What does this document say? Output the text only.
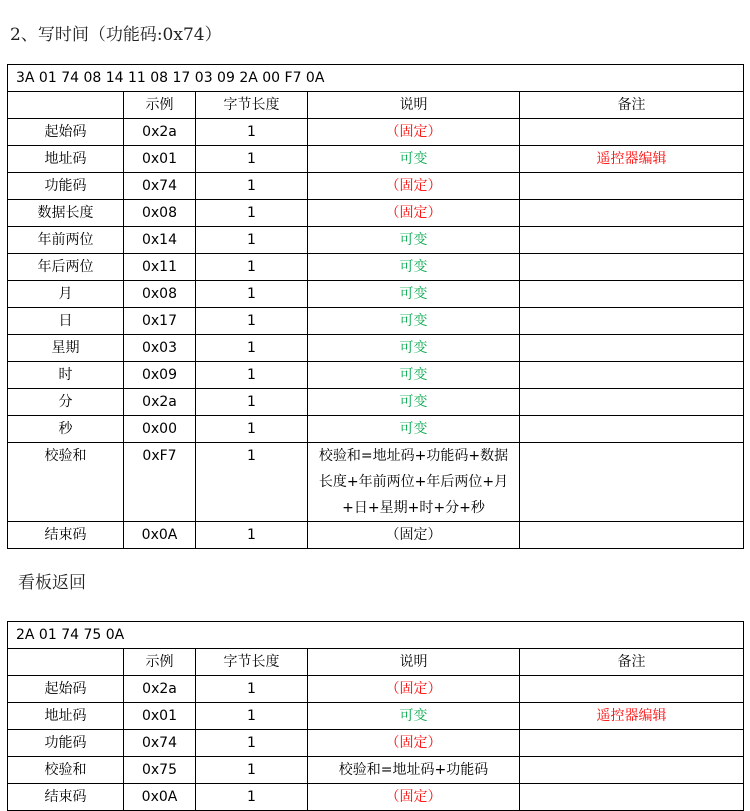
2、写时间（功能码:0x74）
3A 01 74 08 14 11 08 17 03 09 2A 00 F7 0A				
	示例	字节长度	说明	备注
起始码	0x2a	1	（固定）	
地址码	0x01	1	可变	遥控器编辑
功能码	0x74	1	（固定）	
数据长度	0x08	1	（固定）	
年前两位	0x14	1	可变	
年后两位	0x11	1	可变	
月	0x08	1	可变	
日	0x17	1	可变	
星期	0x03	1	可变	
时	0x09	1	可变	
分	0x2a	1	可变	
秒	0x00	1	可变	
校验和	0xF7	1	校验和=地址码+功能码+数据长度+年前两位+年后两位+月+日+星期+时+分+秒	
结束码	0x0A	1	（固定）	
看板返回
2A 01 74 75 0A				
	示例	字节长度	说明	备注
起始码	0x2a	1	（固定）	
地址码	0x01	1	可变	遥控器编辑
功能码	0x74	1	（固定）	
校验和	0x75	1	校验和=地址码+功能码	
结束码	0x0A	1	（固定）	
